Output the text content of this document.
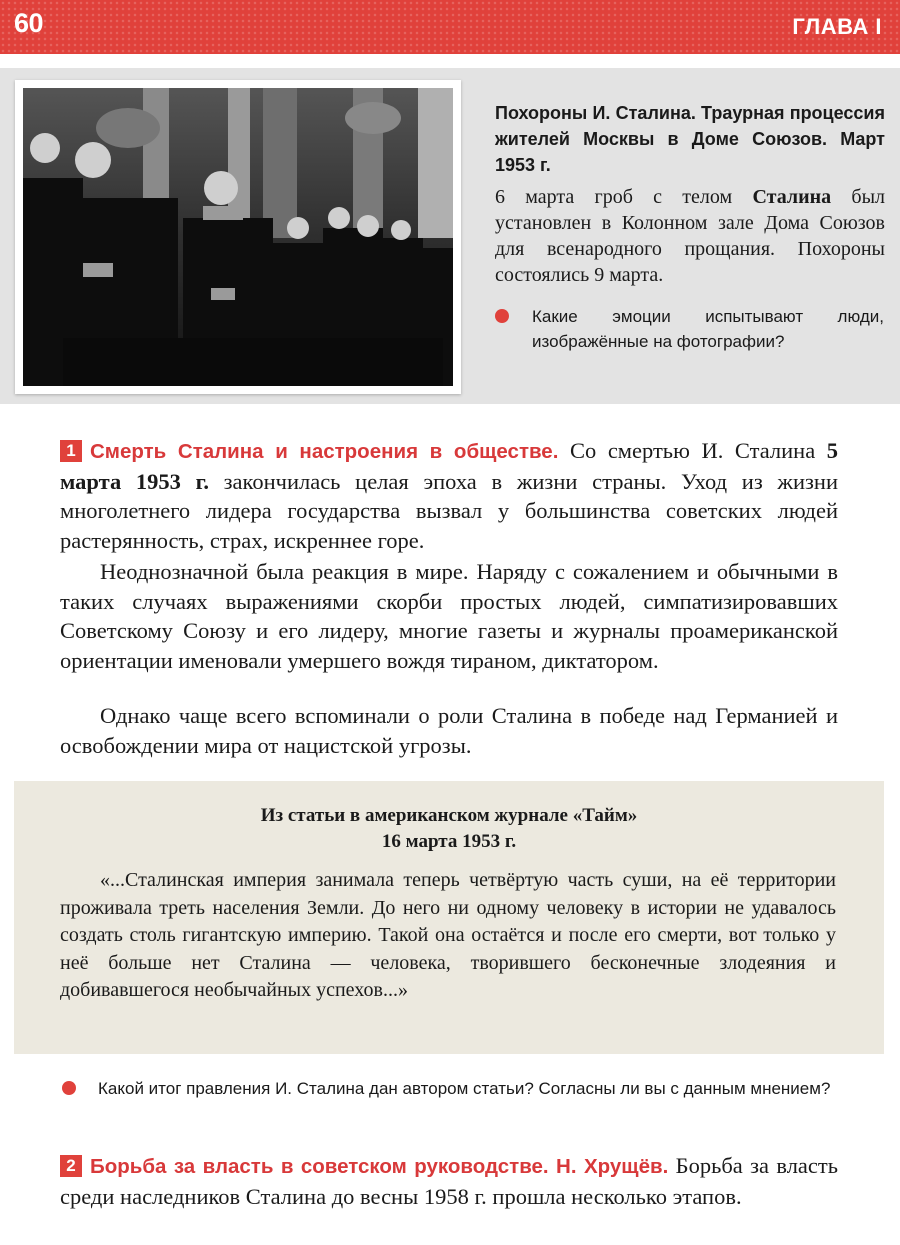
60	ГЛАВА I

Похороны И. Сталина. Траурная процессия жителей Москвы в Доме Союзов. Март 1953 г.

6 марта гроб с телом Сталина был установлен в Колонном зале Дома Союзов для всенародного прощания. Похороны состоялись 9 марта.

Какие эмоции испытывают люди, изображённые на фотографии?

1 Смерть Сталина и настроения в обществе. Со смертью И. Сталина 5 марта 1953 г. закончилась целая эпоха в жизни страны. Уход из жизни многолетнего лидера государства вызвал у большинства советских людей растерянность, страх, искреннее горе.

Неоднозначной была реакция в мире. Наряду с сожалением и обычными в таких случаях выражениями скорби простых людей, симпатизировавших Советскому Союзу и его лидеру, многие газеты и журналы проамериканской ориентации именовали умершего вождя тираном, диктатором.

Однако чаще всего вспоминали о роли Сталина в победе над Германией и освобождении мира от нацистской угрозы.

Из статьи в американском журнале «Тайм»
16 марта 1953 г.

«...Сталинская империя занимала теперь четвёртую часть суши, на её территории проживала треть населения Земли. До него ни одному человеку в истории не удавалось создать столь гигантскую империю. Такой она остаётся и после его смерти, вот только у неё больше нет Сталина — человека, творившего бесконечные злодеяния и добивавшегося необычайных успехов...»

Какой итог правления И. Сталина дан автором статьи? Согласны ли вы с данным мнением?

2 Борьба за власть в советском руководстве. Н. Хрущёв. Борьба за власть среди наследников Сталина до весны 1958 г. прошла несколько этапов.
